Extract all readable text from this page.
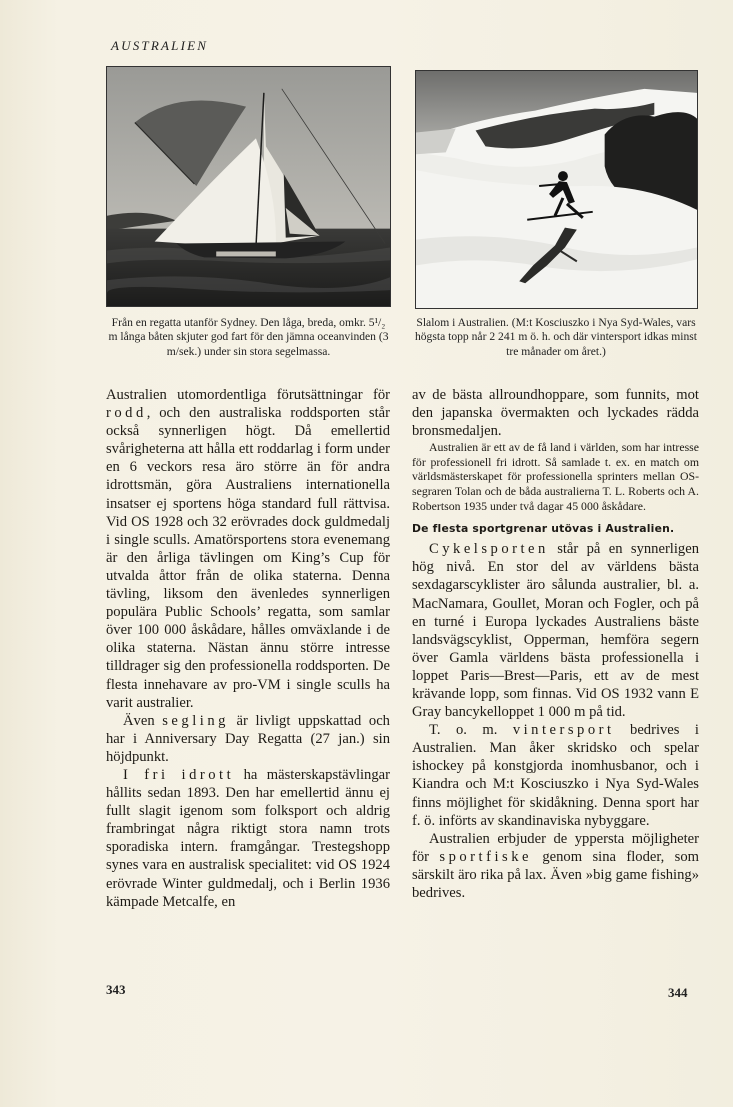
AUSTRALIEN
Från en regatta utanför Sydney. Den låga, breda, omkr. 5¹/₂ m långa båten skjuter god fart för den jämna oceanvinden (3 m/sek.) under sin stora segelmassa.
Slalom i Australien. (M:t Kosciuszko i Nya Syd-Wales, vars högsta topp når 2 241 m ö. h. och där vintersport idkas minst tre månader om året.)

Australien utomordentliga förutsättningar för rodd, och den australiska roddsporten står också synnerligen högt. Då emellertid svårigheterna att hålla ett roddarlag i form under en 6 veckors resa äro större än för andra idrottsmän, göra Australiens internationella insatser ej sportens höga standard full rättvisa. Vid OS 1928 och 32 erövrades dock guldmedalj i single sculls. Amatörsportens stora evenemang är den årliga tävlingen om King’s Cup för utvalda åttor från de olika staterna. Denna tävling, liksom den ävenledes synnerligen populära Public Schools’ regatta, som samlar över 100 000 åskådare, hålles omväxlande i de olika staterna. Nästan ännu större intresse tilldrager sig den professionella roddsporten. De flesta innehavare av pro-VM i single sculls ha varit australier.

Även segling är livligt uppskattad och har i Anniversary Day Regatta (27 jan.) sin höjdpunkt.

I fri idrott ha mästerskapstävlingar hållits sedan 1893. Den har emellertid ännu ej fullt slagit igenom som folksport och aldrig frambringat några riktigt stora namn trots sporadiska intern. framgångar. Trestegshopp synes vara en australisk specialitet: vid OS 1924 erövrade Winter guldmedalj, och i Berlin 1936 kämpade Metcalfe, en

av de bästa allroundhoppare, som funnits, mot den japanska övermakten och lyckades rädda bronsmedaljen.

Australien är ett av de få land i världen, som har intresse för professionell fri idrott. Så samlade t. ex. en match om världsmästerskapet för professionella sprinters mellan OS-segraren Tolan och de båda australierna T. L. Roberts och A. Robertson 1935 under två dagar 45 000 åskådare.

De flesta sportgrenar utövas i Australien.

Cykelsporten står på en synnerligen hög nivå. En stor del av världens bästa sexdagarscyklister äro sålunda australier, bl. a. MacNamara, Goullet, Moran och Fogler, och på en turné i Europa lyckades Australiens bäste landsvägscyklist, Opperman, hemföra segern över Gamla världens bästa professionella i loppet Paris—Brest—Paris, ett av de mest krävande lopp, som finnas. Vid OS 1932 vann E Gray bancykelloppet 1 000 m på tid.

T. o. m. vintersport bedrives i Australien. Man åker skridsko och spelar ishockey på konstgjorda inomhusbanor, och i Kiandra och M:t Kosciuszko i Nya Syd-Wales finns möjlighet för skidåkning. Denna sport har f. ö. införts av skandinaviska nybyggare.

Australien erbjuder de yppersta möjligheter för sportfiske genom sina floder, som särskilt äro rika på lax. Även »big game fishing» bedrives.

343	344
